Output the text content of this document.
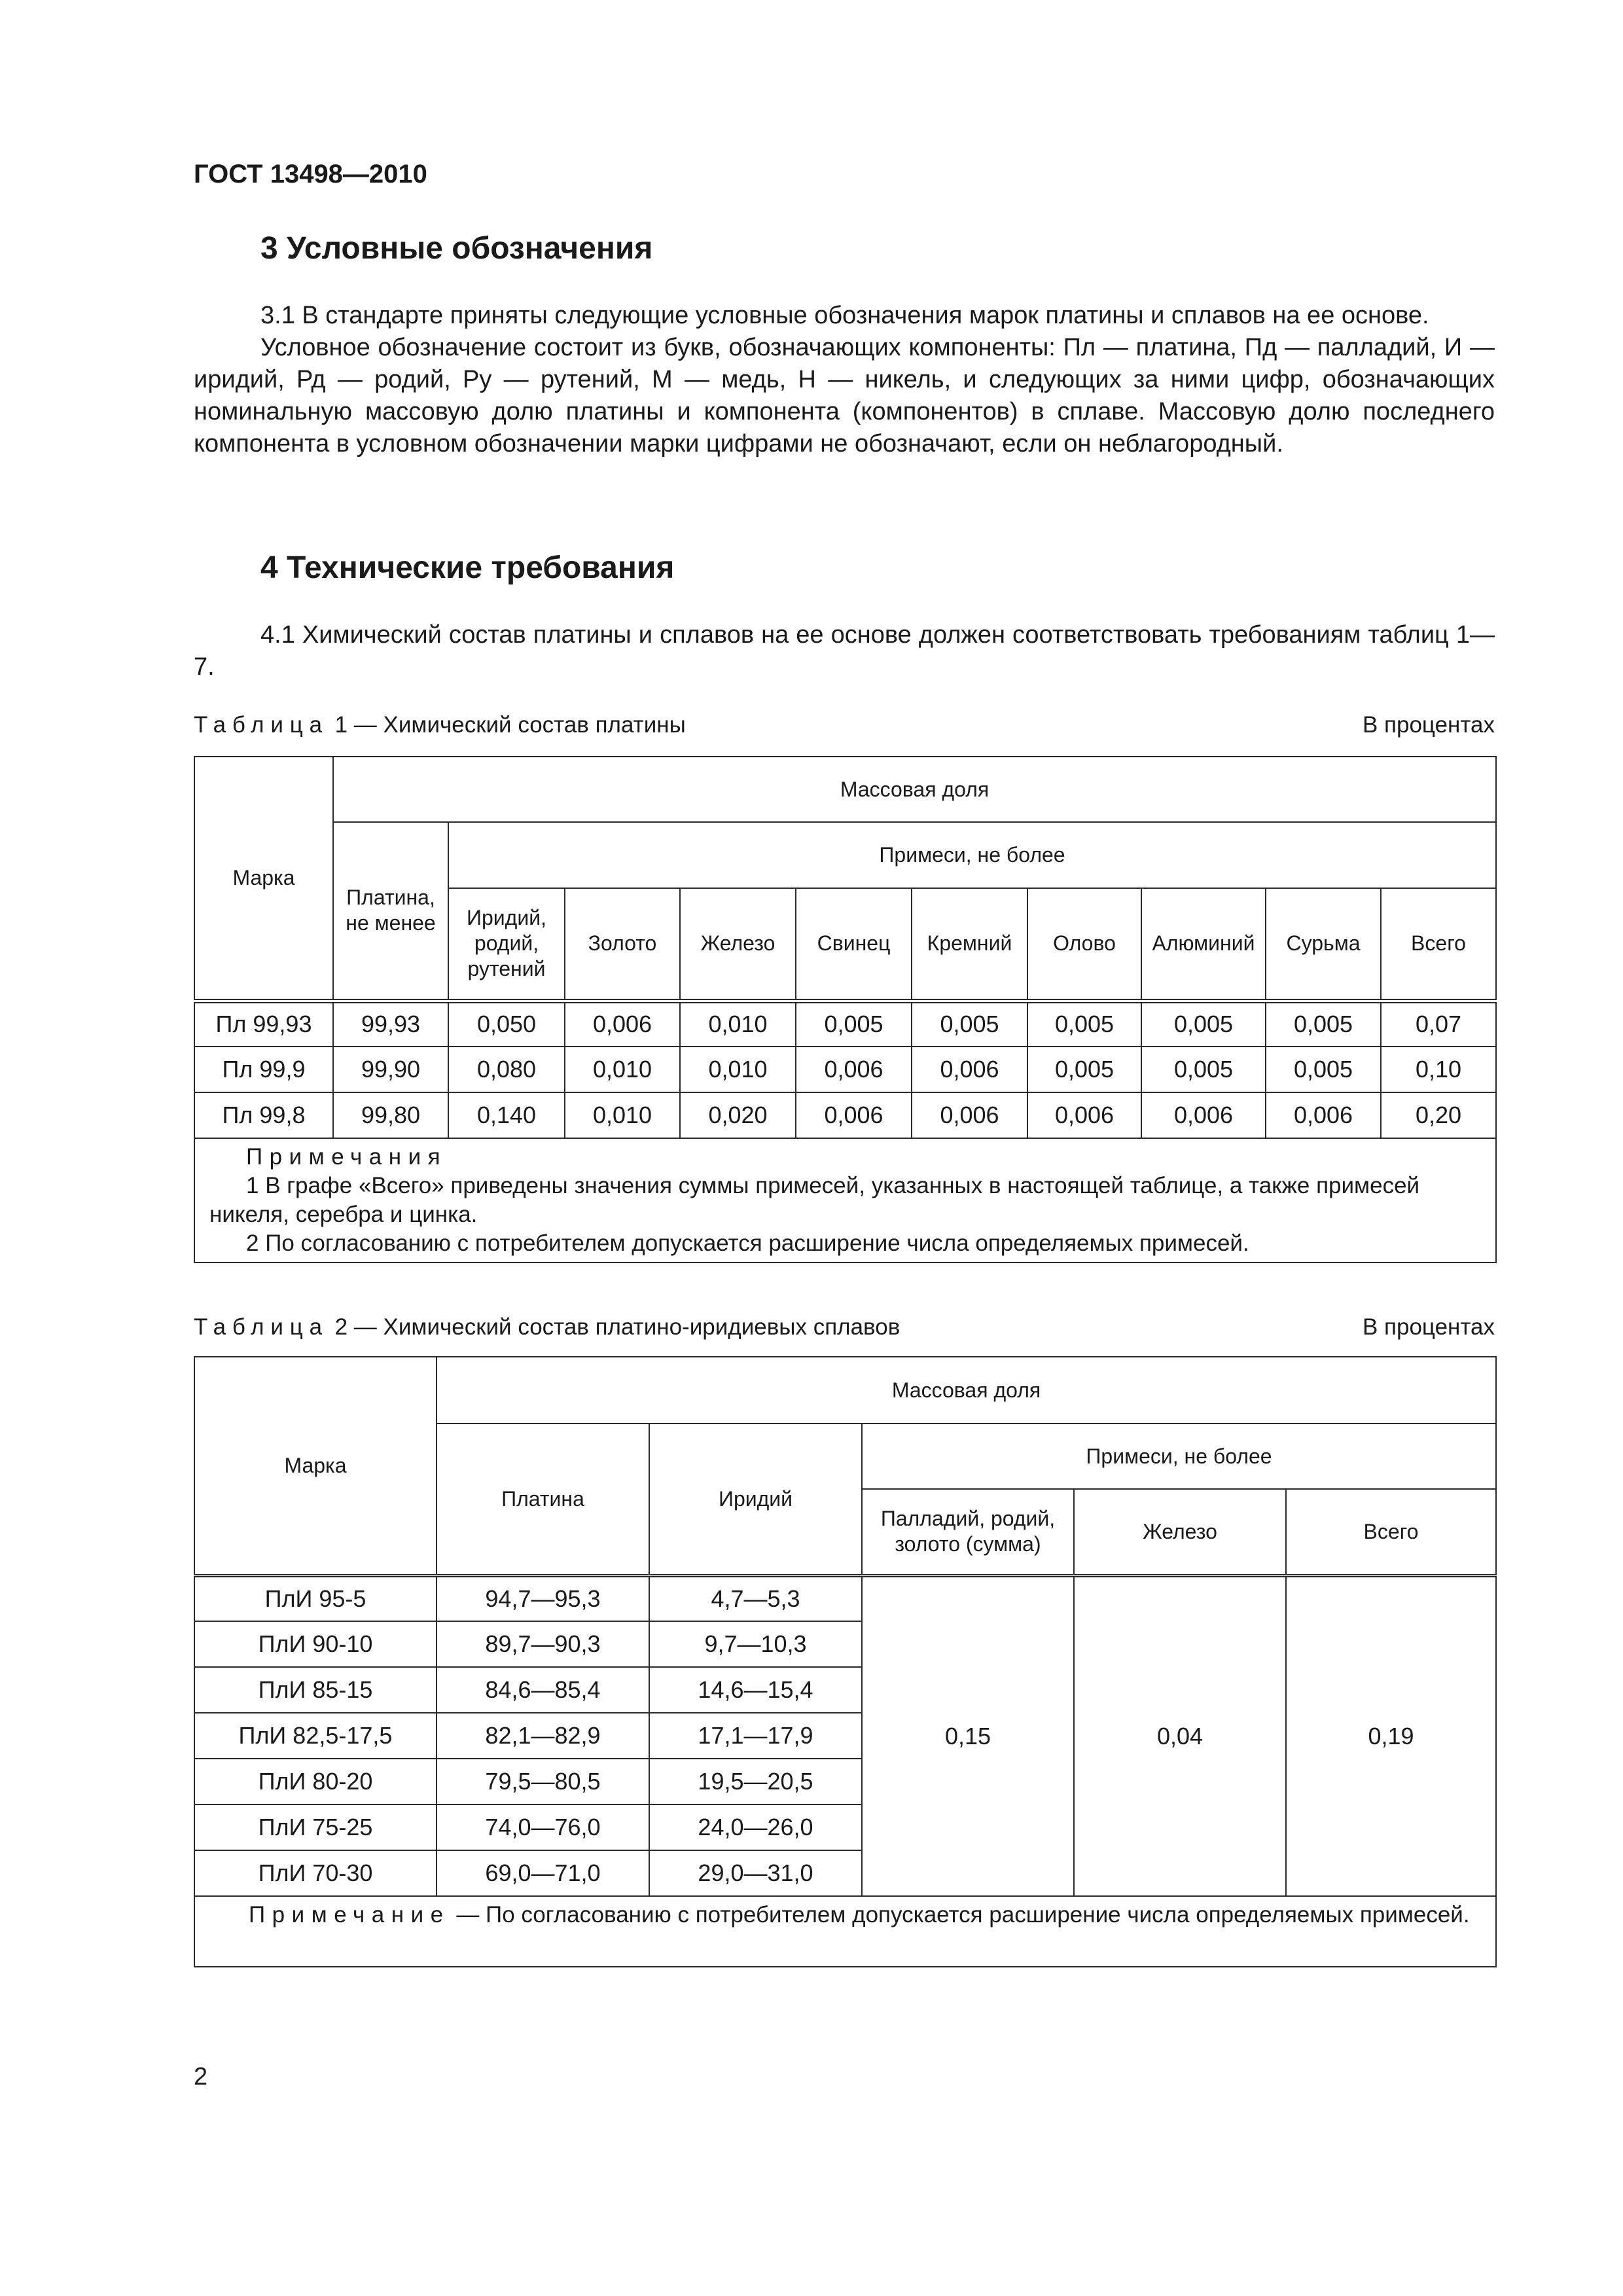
ГОСТ 13498—2010
3 Условные обозначения

3.1 В стандарте приняты следующие условные обозначения марок платины и сплавов на ее основе.

Условное обозначение состоит из букв, обозначающих компоненты: Пл — платина, Пд — палладий, И — иридий, Рд — родий, Ру — рутений, М — медь, Н — никель, и следующих за ними цифр, обозначающих номинальную массовую долю платины и компонента (компонентов) в сплаве. Массовую долю последнего компонента в условном обозначении марки цифрами не обозначают, если он неблагородный.

4 Технические требования

4.1 Химический состав платины и сплавов на ее основе должен соответствовать требованиям таблиц 1—7.

Таблица 1 — Химический состав платины	В процентах
Марка	Массовая доля									
	Платина, не менее	Примеси, не более								
		Иридий, родий, рутений	Золото	Железо	Свинец	Кремний	Олово	Алюминий	Сурьма	Всего
Пл 99,93	99,93	0,050	0,006	0,010	0,005	0,005	0,005	0,005	0,005	0,07
Пл 99,9	99,90	0,080	0,010	0,010	0,006	0,006	0,005	0,005	0,005	0,10
Пл 99,8	99,80	0,140	0,010	0,020	0,006	0,006	0,006	0,006	0,006	0,20

Примечания
1 В графе «Всего» приведены значения суммы примесей, указанных в настоящей таблице, а также примесей никеля, серебра и цинка.
2 По согласованию с потребителем допускается расширение числа определяемых примесей.										
Таблица 2 — Химический состав платино-иридиевых сплавов	В процентах
Марка	Массовая доля				
	Платина	Иридий	Примеси, не более		
			Палладий, родий, золото (сумма)	Железо	Всего
ПлИ 95-5	94,7—95,3	4,7—5,3	0,15	0,04	0,19
ПлИ 90-10	89,7—90,3	9,7—10,3			
ПлИ 85-15	84,6—85,4	14,6—15,4			
ПлИ 82,5-17,5	82,1—82,9	17,1—17,9			
ПлИ 80-20	79,5—80,5	19,5—20,5			
ПлИ 75-25	74,0—76,0	24,0—26,0			
ПлИ 70-30	69,0—71,0	29,0—31,0			

Примечание — По согласованию с потребителем допускается расширение числа определяемых примесей.					
2
